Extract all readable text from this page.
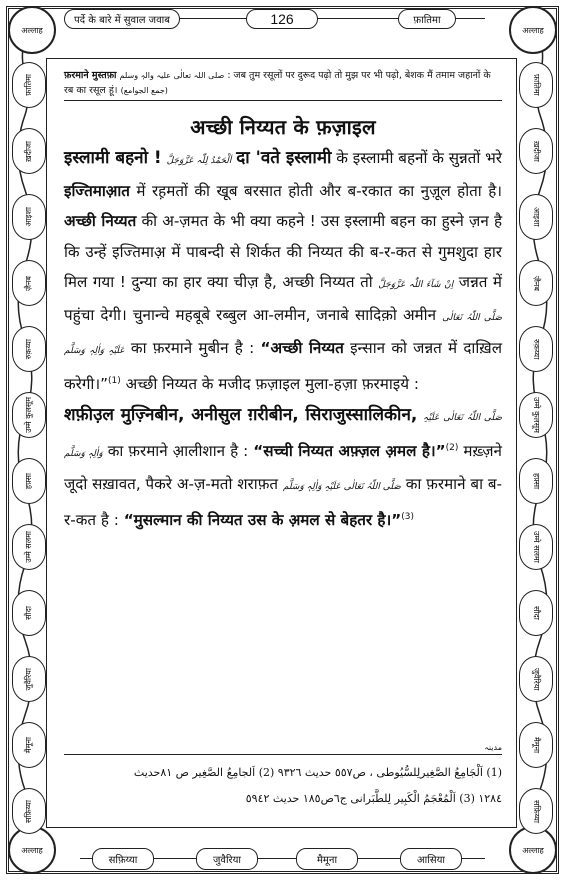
अल्लाह	अल्लाह
अल्लाह	अल्लाह
पर्दे के बारे में सुवाल जवाब	126	फ़ातिमा
फ़ातिमा
ख़दीजा
आइशा
ज़ैनब
रुक़य्या
उम्मे कुलसूम
हफ़्सा
उम्मे सलमा
सौदा
जुवैरिया
मैमूना
सफ़िय्या
फ़ातिमा
ख़दीजा
आइशा
ज़ैनब
रुक़य्या
उम्मे कुलसूम
हफ़्सा
उम्मे सलमा
सौदा
जुवैरिया
मैमूना
सफ़िय्या
फ़रमाने मुस्तफ़ा صلی اللہ تعالٰی علیہ والہٖ وسلم : जब तुम रसूलों पर दुरूद पढ़ो तो मुझ पर भी पढ़ो, बेशक मैं तमाम जहानों के रब का रसूल हूं। (جمع الجوامع)
अच्छी निय्यत के फ़ज़ाइल

इस्लामी बहनो ! اَلْحَمْدُ لِلّٰہ عَزَّوَجَلَّ दा 'वते इस्लामी के इस्लामी बहनों के सुन्नतों भरे इज्तिमाआ़त में रह़मतों की खूब बरसात होती और ब-रकात का नुज़ूल होता है। अच्छी निय्यत की अ-ज़मत के भी क्या कहने ! उस इस्लामी बहन का हुस्ने ज़न है कि उन्हें इज्तिमाअ़ में पाबन्दी से शिर्कत की निय्यत की ब-र-कत से गुमशुदा हार मिल गया ! दुन्या का हार क्या चीज़ है, अच्छी निय्यत तो اِنْ شَآءَ اللّٰہ عَزَّوَجَلَّ जन्नत में पहुंचा देगी। चुनान्चे महबूबे रब्बुल आ-लमीन, जनाबे सादिक़ो अमीन صَلَّی اللّٰہُ تَعَالٰی عَلَیْہِ وَاٰلِہٖ وَسَلَّم का फ़रमाने मुबीन है : “अच्छी निय्यत इन्सान को जन्नत में दाख़िल करेगी।”$^{(1)}$ अच्छी निय्यत के मजीद फ़ज़ाइल मुला-हज़ा फ़रमाइये :

शफ़ीउ़ल मुज़्निबीन, अनीसुल ग़रीबीन, सिराजुस्सालिकीन, صَلَّی اللّٰہُ تَعَالٰی عَلَیْہِ وَاٰلِہٖ وَسَلَّم का फ़रमाने आ़लीशान है : “सच्ची निय्यत अफ़्ज़ल अ़मल है।”$^{(2)}$ मख़्ज़ने जूदो सख़ावत, पैकरे अ-ज़-मतो शराफ़त صَلَّی اللّٰہُ تَعَالٰی عَلَیْہِ وَاٰلِہٖ وَسَلَّم का फ़रमाने बा ब-र-कत है : “मुसल्मान की निय्यत उस के अ़मल से बेहतर है।”$^{(3)}$

مدینہ

(1) اَلْجَامِعُ الصَّغِیرلِلسُّیُوطی ، ص٥٥٧ حدیث ٩٣٢٦ (2) اَلجامِعُ الصَّغِیر ص ٨١حدیث

١٢٨٤ (3) اَلْمُعْجَمُ الْکَبِیر لِلطَّبَرانی ج٦ص١٨٥ حدیث ٥٩٤٢

सफ़िय्या	जुवैरिया	मैमूना	आसिया
